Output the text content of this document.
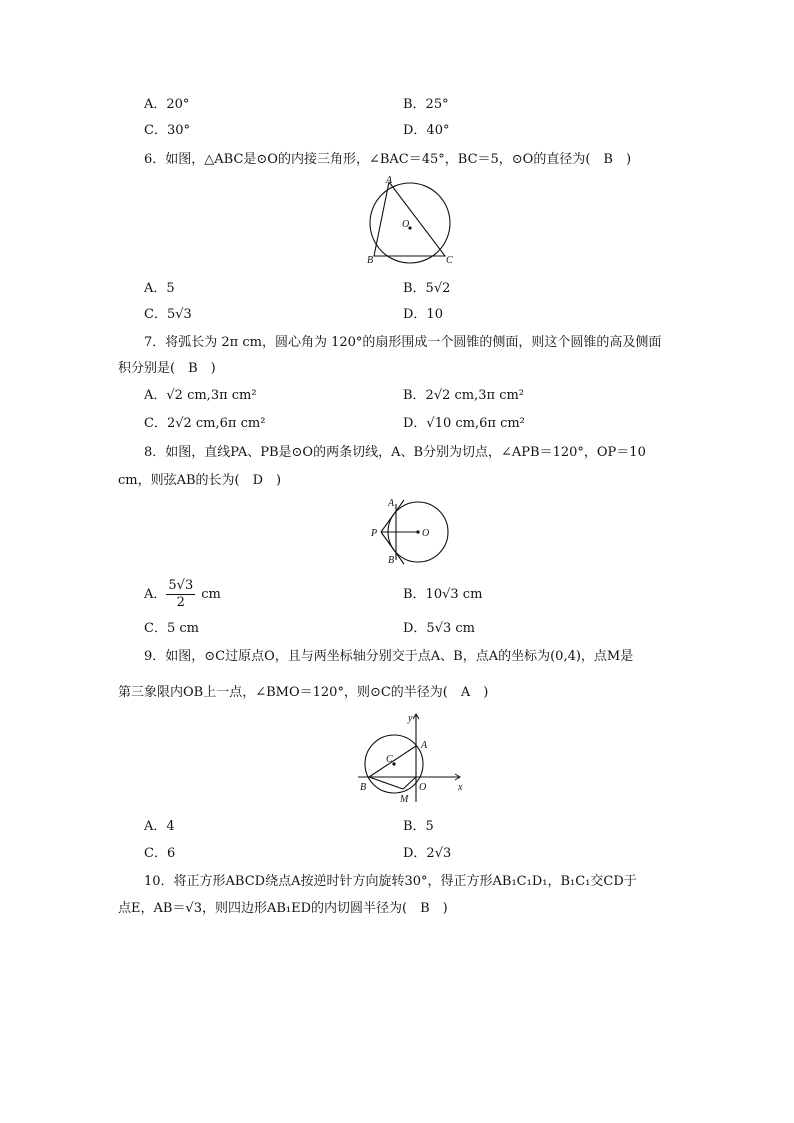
A．20°	B．25°
C．30°	D．40°
6．如图，△ABC是⊙O的内接三角形，∠BAC＝45°，BC＝5，⊙O的直径为(　B　)
A
O
B	C
A．5	B．5√2
C．5√3	D．10
7．将弧长为 2π cm，圆心角为 120°的扇形围成一个圆锥的侧面，则这个圆锥的高及侧面
积分别是(　B　)
A．√2 cm,3π cm²	B．2√2 cm,3π cm²
C．2√2 cm,6π cm²	D．√10 cm,6π cm²
8．如图，直线PA、PB是⊙O的两条切线，A、B分别为切点，∠APB＝120°，OP＝10
cm，则弦AB的长为(　D　)
A
P	O
B
A． $\frac{5√3}{2}$ cm	B．10√3 cm
C．5 cm	D．5√3 cm
9．如图，⊙C过原点O，且与两坐标轴分别交于点A、B，点A的坐标为(0,4)，点M是
第三象限内OB上一点，∠BMO＝120°，则⊙C的半径为(　A　)
y
x
C
A
B	O
M
A．4	B．5
C．6	D．2√3
10．将正方形ABCD绕点A按逆时针方向旋转30°，得正方形AB₁C₁D₁，B₁C₁交CD于
点E，AB＝√3，则四边形AB₁ED的内切圆半径为(　B　)
